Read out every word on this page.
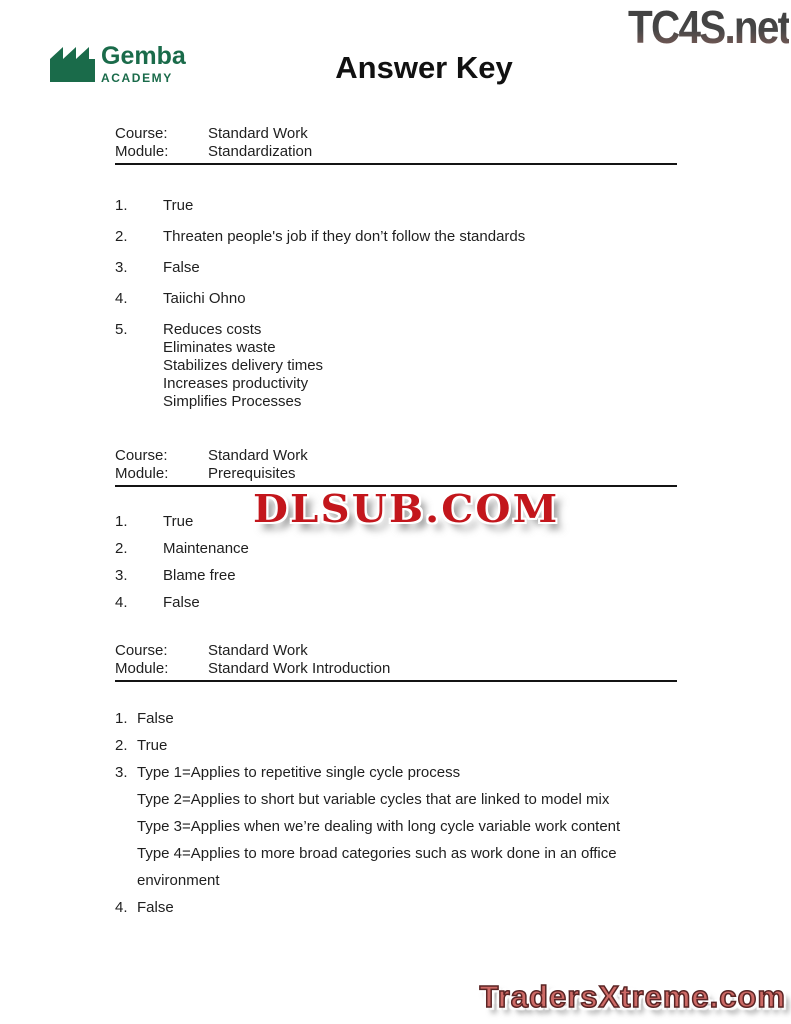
Gemba
ACADEMY	Answer Key
TC4S.net
Course:	Standard Work
Module:	Standardization
1.	True
2.	Threaten people's job if they don’t follow the standards
3.	False
4.	Taiichi Ohno
5.	Reduces costs
Eliminates waste
Stabilizes delivery times
Increases productivity
Simplifies Processes
Course:	Standard Work
Module:	Prerequisites
1.	True
2.	Maintenance
3.	Blame free
4.	False
Course:	Standard Work
Module:	Standard Work Introduction
1. False
2. True
3. Type 1=Applies to repetitive single cycle process
Type 2=Applies to short but variable cycles that are linked to model mix
Type 3=Applies when we’re dealing with long cycle variable work content
Type 4=Applies to more broad categories such as work done in an office
environment
4. False
DLSUB.COM
TradersXtreme.com
